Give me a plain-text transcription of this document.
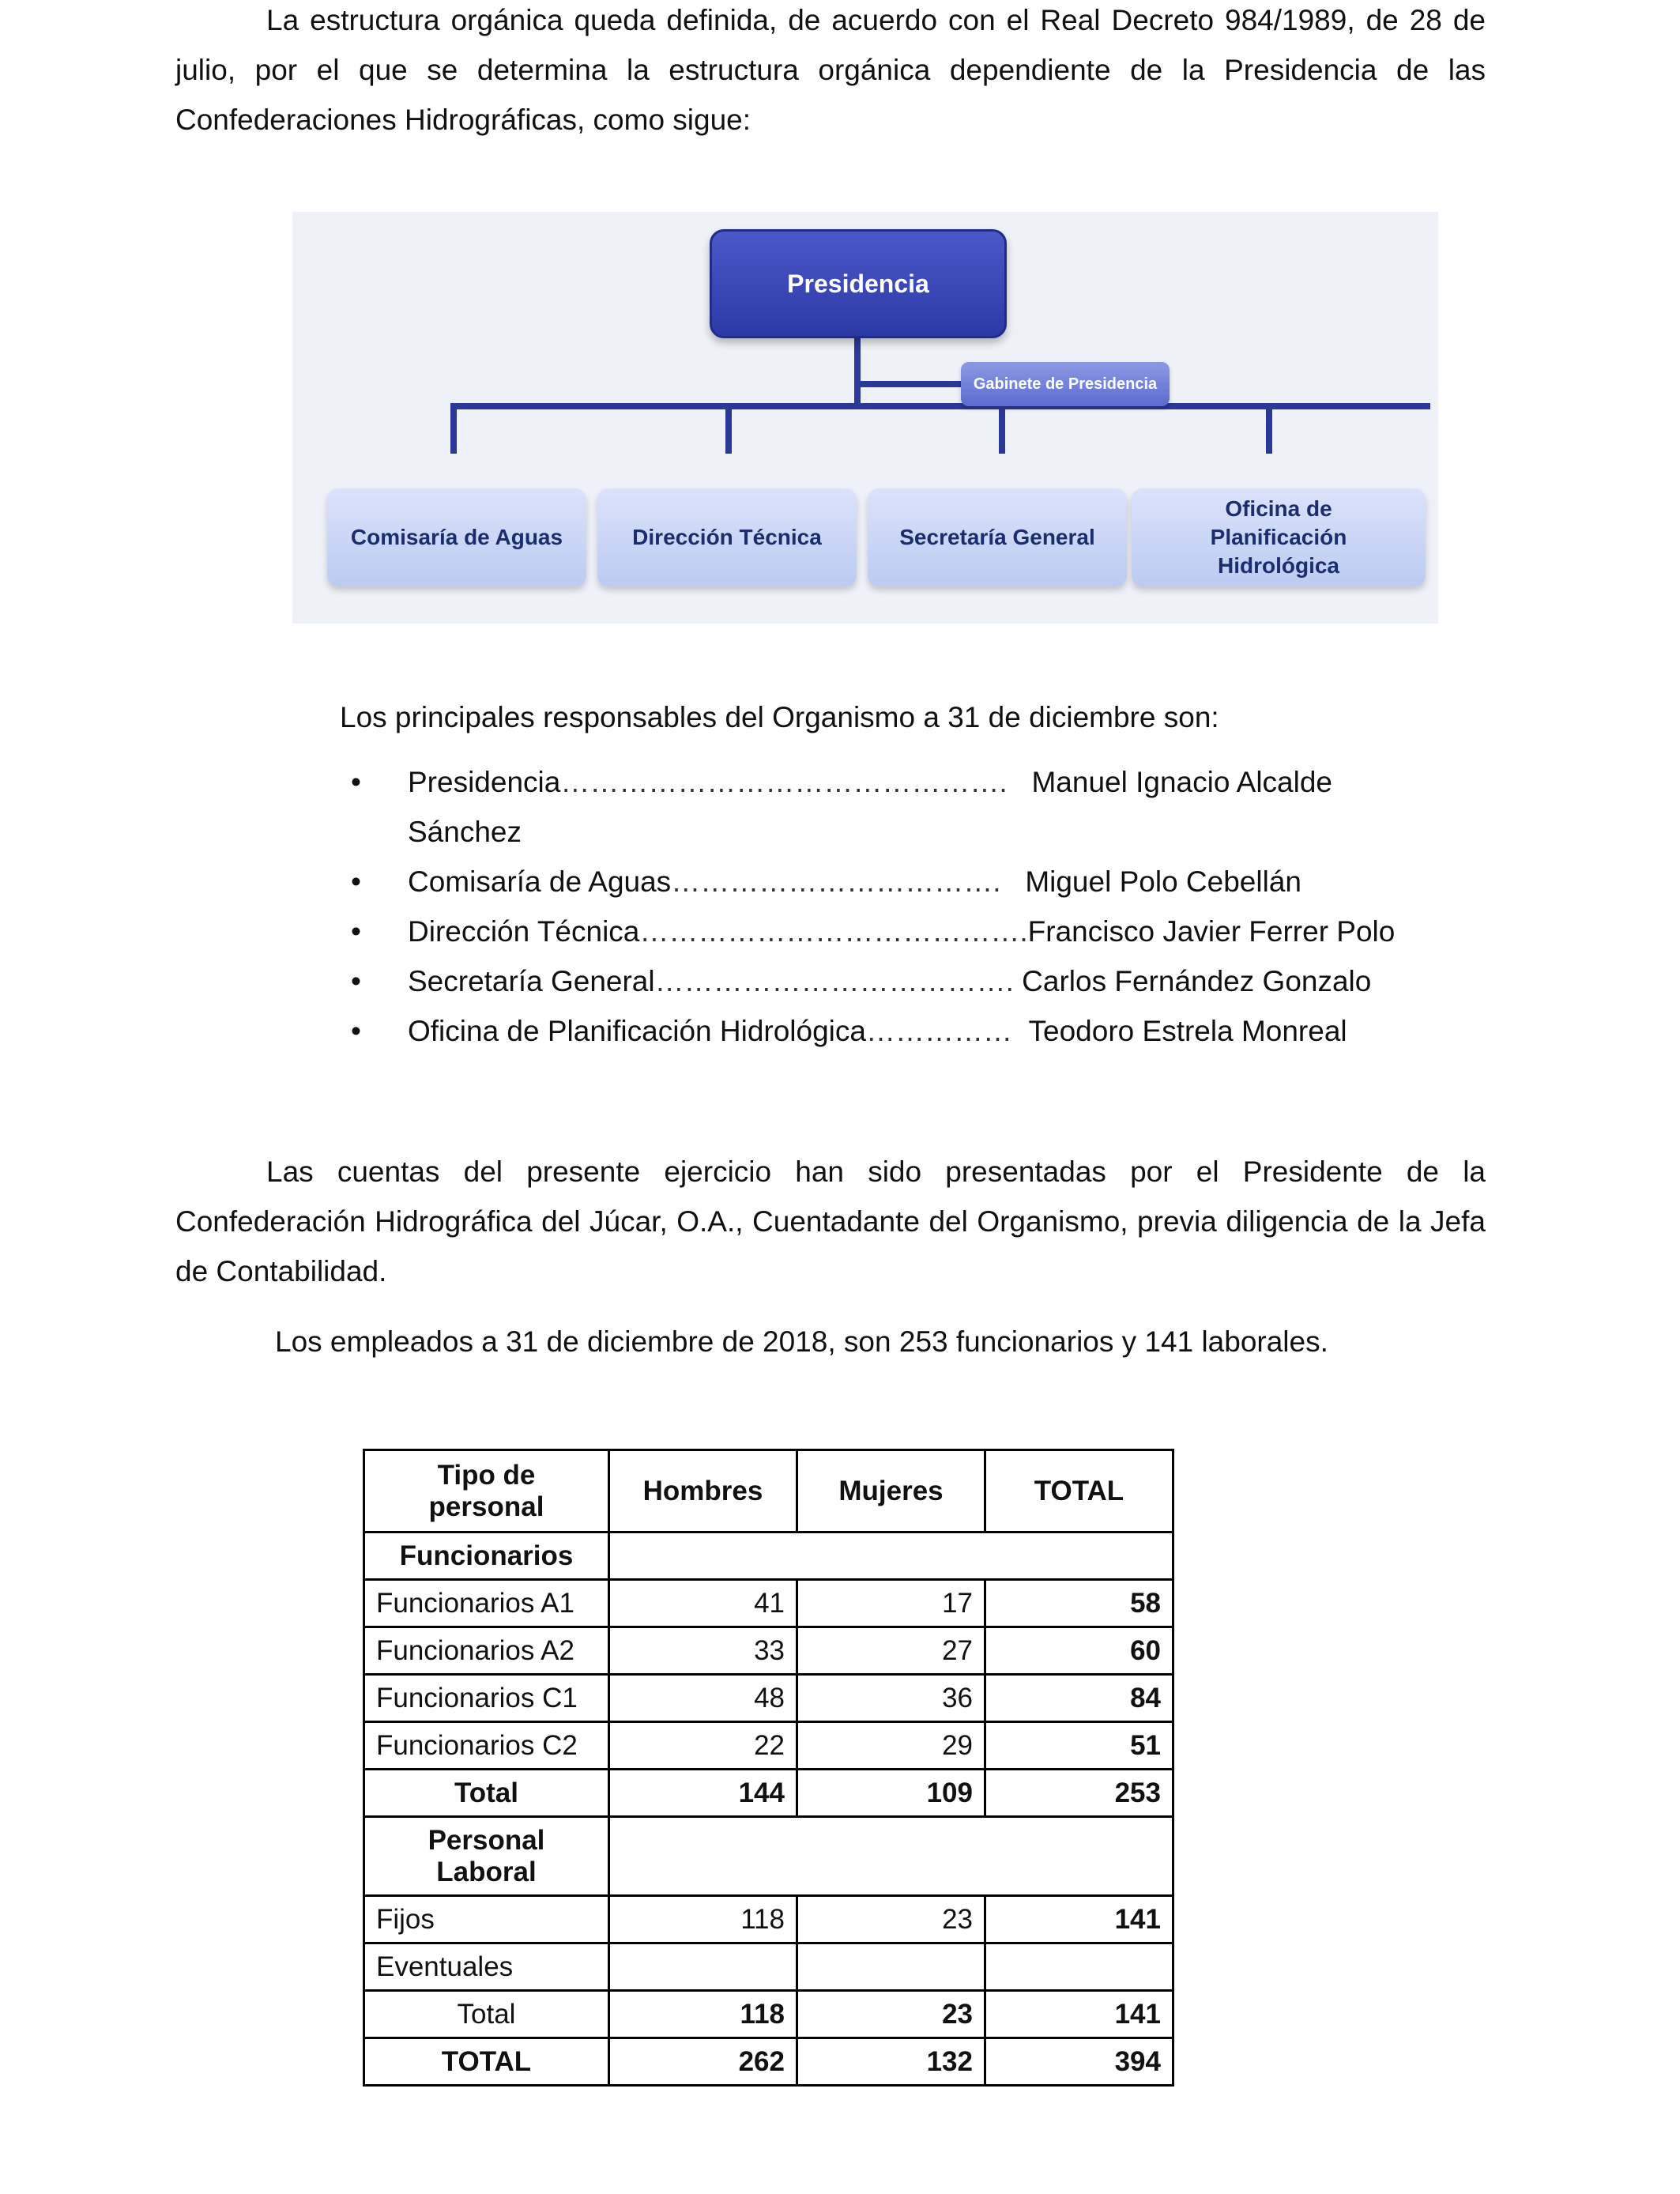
La estructura orgánica queda definida, de acuerdo con el Real Decreto 984/1989, de 28 de julio, por el que se determina la estructura orgánica dependiente de la Presidencia de las Confederaciones Hidrográficas, como sigue:

Presidencia
Gabinete de Presidencia
Comisaría de Aguas	Dirección Técnica	Secretaría General
Oficina de Planificación Hidrológica

Los principales responsables del Organismo a 31 de diciembre son:

• Presidencia………………………………………. Manuel Ignacio Alcalde
Sánchez
• Comisaría de Aguas……………………………. Miguel Polo Cebellán
• Dirección Técnica………………………………….Francisco Javier Ferrer Polo
• Secretaría General………………………………. Carlos Fernández Gonzalo
• Oficina de Planificación Hidrológica…………… Teodoro Estrela Monreal

Las cuentas del presente ejercicio han sido presentadas por el Presidente de la Confederación Hidrográfica del Júcar, O.A., Cuentadante del Organismo, previa diligencia de la Jefa de Contabilidad.

Los empleados a 31 de diciembre de 2018, son 253 funcionarios y 141 laborales.

Tipo de personal	Hombres	Mujeres	TOTAL
Funcionarios			
Funcionarios A1	41	17	58
Funcionarios A2	33	27	60
Funcionarios C1	48	36	84
Funcionarios C2	22	29	51
Total	144	109	253
Personal Laboral			
Fijos	118	23	141
Eventuales			
Total	118	23	141
TOTAL	262	132	394
